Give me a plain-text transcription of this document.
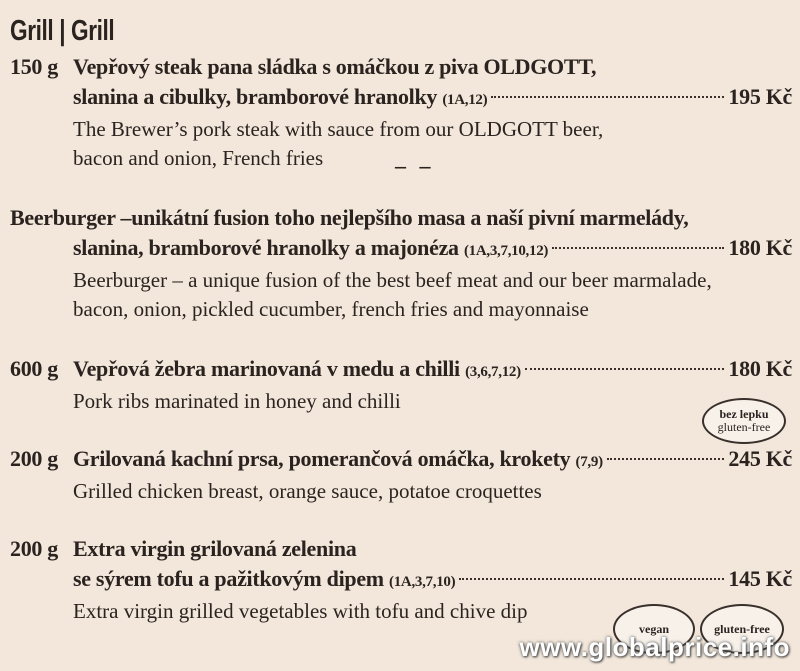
Grill | Grill
150 g Vepřový steak pana sládka s omáčkou z piva OLDGOTT,
slanina a cibulky, bramborové hranolky
(1A,12)	195 Kč
The Brewer’s pork steak with sauce from our OLDGOTT beer,
bacon and onion, French fries
Beerburger –unikátní fusion toho nejlepšího masa a naší pivní marmelády,
slanina, bramborové hranolky a majonéza
(1A,3,7,10,12)	180 Kč
Beerburger – a unique fusion of the best beef meat and our beer marmalade,
bacon, onion, pickled cucumber, french fries and mayonnaise
600 g Vepřová žebra marinovaná v medu a chilli
(3,6,7,12)	180 Kč
Pork ribs marinated in honey and chilli
200 g Grilovaná kachní prsa, pomerančová omáčka, krokety
(7,9)	245 Kč
Grilled chicken breast, orange sauce, potatoe croquettes
200 g Extra virgin grilovaná zelenina
se sýrem tofu a pažitkovým dipem
(1A,3,7,10)	145 Kč
Extra virgin grilled vegetables with tofu and chive dip
– –
bez lepku
gluten-free
vegan	gluten-free
www.globalprice.info
